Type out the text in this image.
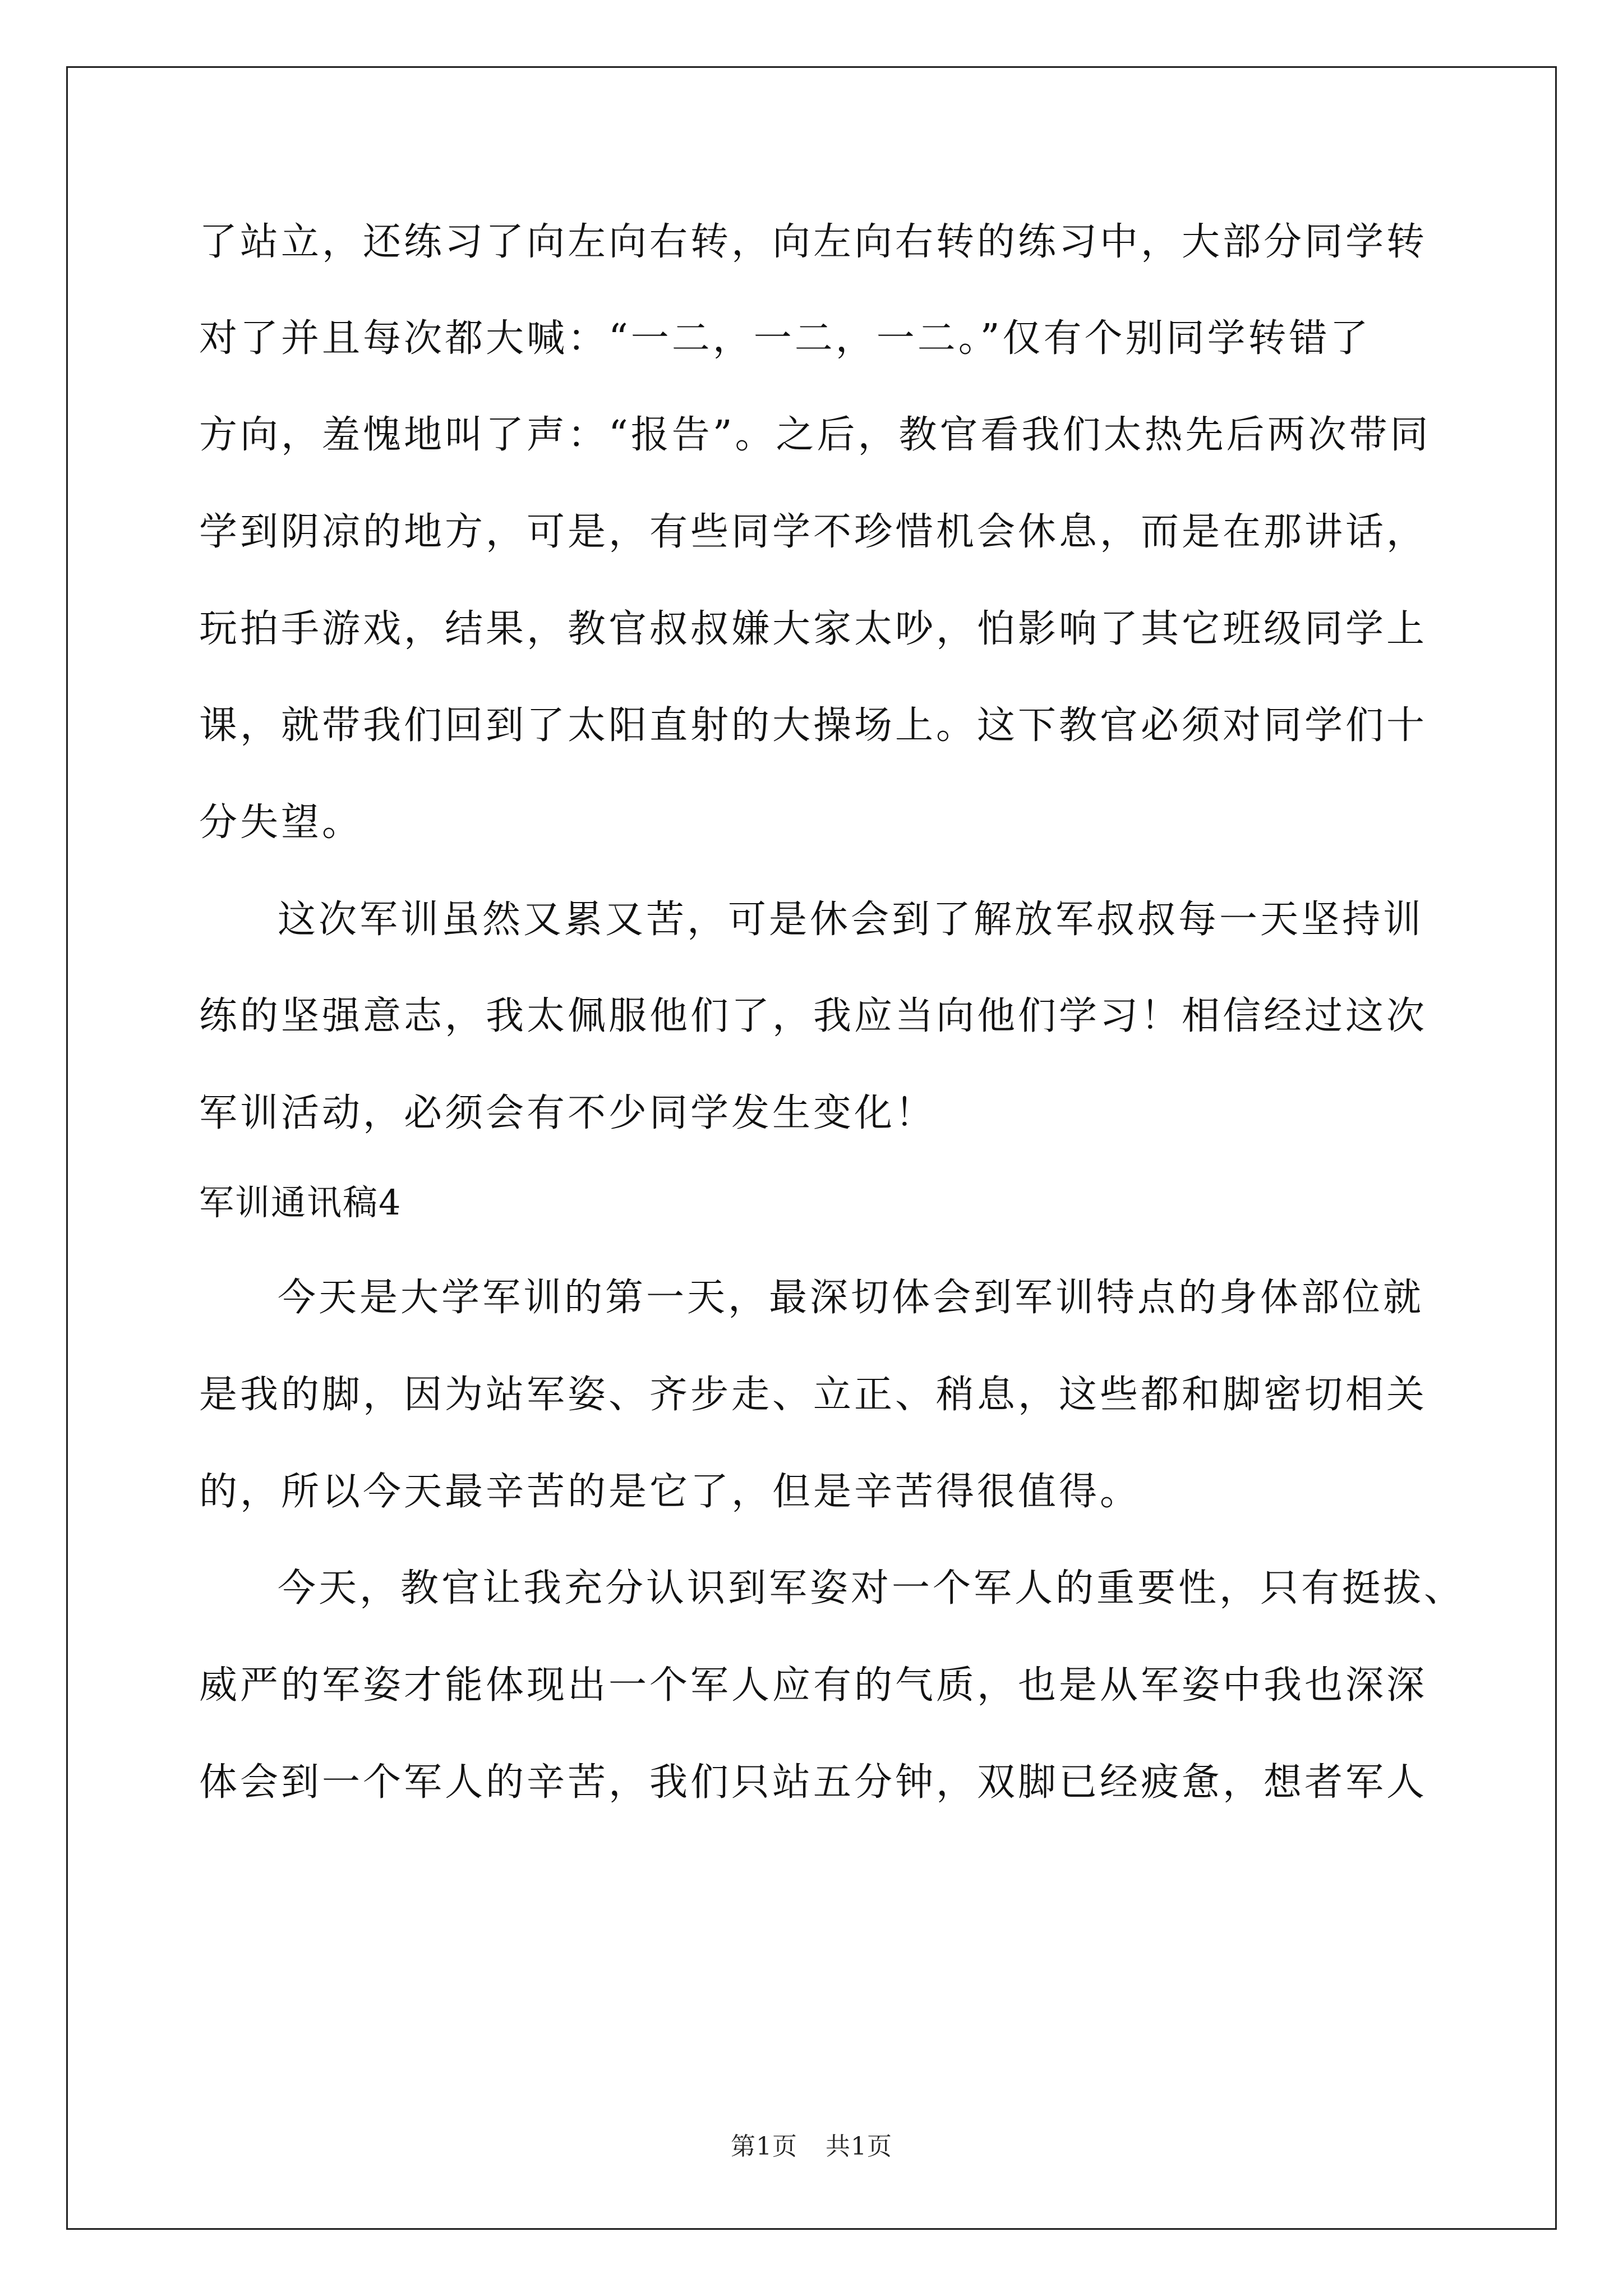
了站立，还练习了向左向右转，向左向右转的练习中，大部分同学转
对了并且每次都大喊：“一二，一二，一二。”仅有个别同学转错了
方向，羞愧地叫了声：“报告”。之后，教官看我们太热先后两次带同
学到阴凉的地方，可是，有些同学不珍惜机会休息，而是在那讲话，
玩拍手游戏，结果，教官叔叔嫌大家太吵，怕影响了其它班级同学上
课，就带我们回到了太阳直射的大操场上。这下教官必须对同学们十
分失望。
这次军训虽然又累又苦，可是休会到了解放军叔叔每一天坚持训
练的坚强意志，我太佩服他们了，我应当向他们学习！相信经过这次
军训活动，必须会有不少同学发生变化！
军训通讯稿4
今天是大学军训的第一天，最深切体会到军训特点的身体部位就
是我的脚，因为站军姿、齐步走、立正、稍息，这些都和脚密切相关
的，所以今天最辛苦的是它了，但是辛苦得很值得。
今天，教官让我充分认识到军姿对一个军人的重要性，只有挺拔、
威严的军姿才能体现出一个军人应有的气质，也是从军姿中我也深深
体会到一个军人的辛苦，我们只站五分钟，双脚已经疲惫，想者军人
第1页 共1页
